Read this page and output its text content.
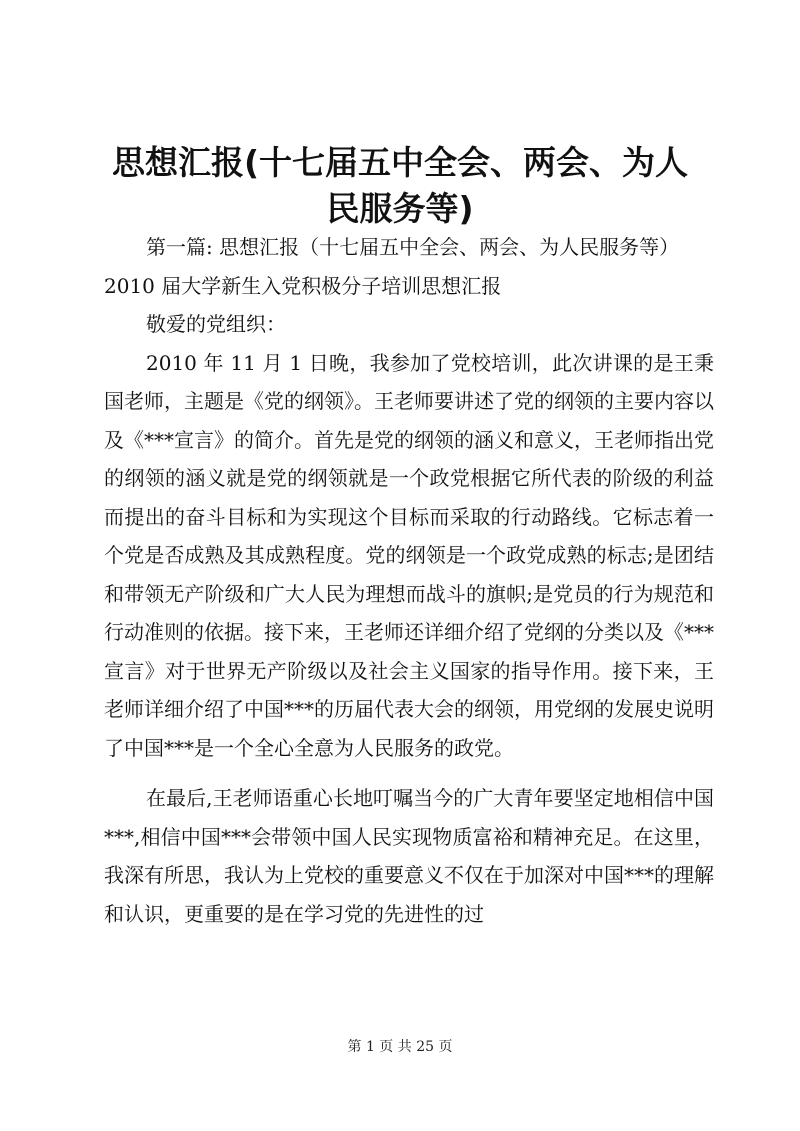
思想汇报(十七届五中全会、两会、为人民服务等)

第一篇: 思想汇报（十七届五中全会、两会、为人民服务等）

2010 届大学新生入党积极分子培训思想汇报

敬爱的党组织：

2010 年 11 月 1 日晚，我参加了党校培训，此次讲课的是王秉国老师，主题是《党的纲领》。王老师要讲述了党的纲领的主要内容以及《***宣言》的简介。首先是党的纲领的涵义和意义，王老师指出党的纲领的涵义就是党的纲领就是一个政党根据它所代表的阶级的利益而提出的奋斗目标和为实现这个目标而采取的行动路线。它标志着一个党是否成熟及其成熟程度。党的纲领是一个政党成熟的标志;是团结和带领无产阶级和广大人民为理想而战斗的旗帜;是党员的行为规范和行动准则的依据。接下来，王老师还详细介绍了党纲的分类以及《***宣言》对于世界无产阶级以及社会主义国家的指导作用。接下来，王老师详细介绍了中国***的历届代表大会的纲领，用党纲的发展史说明了中国***是一个全心全意为人民服务的政党。

在最后,王老师语重心长地叮嘱当今的广大青年要坚定地相信中国***,相信中国***会带领中国人民实现物质富裕和精神充足。在这里，我深有所思，我认为上党校的重要意义不仅在于加深对中国***的理解和认识，更重要的是在学习党的先进性的过

第 1 页 共 25 页
